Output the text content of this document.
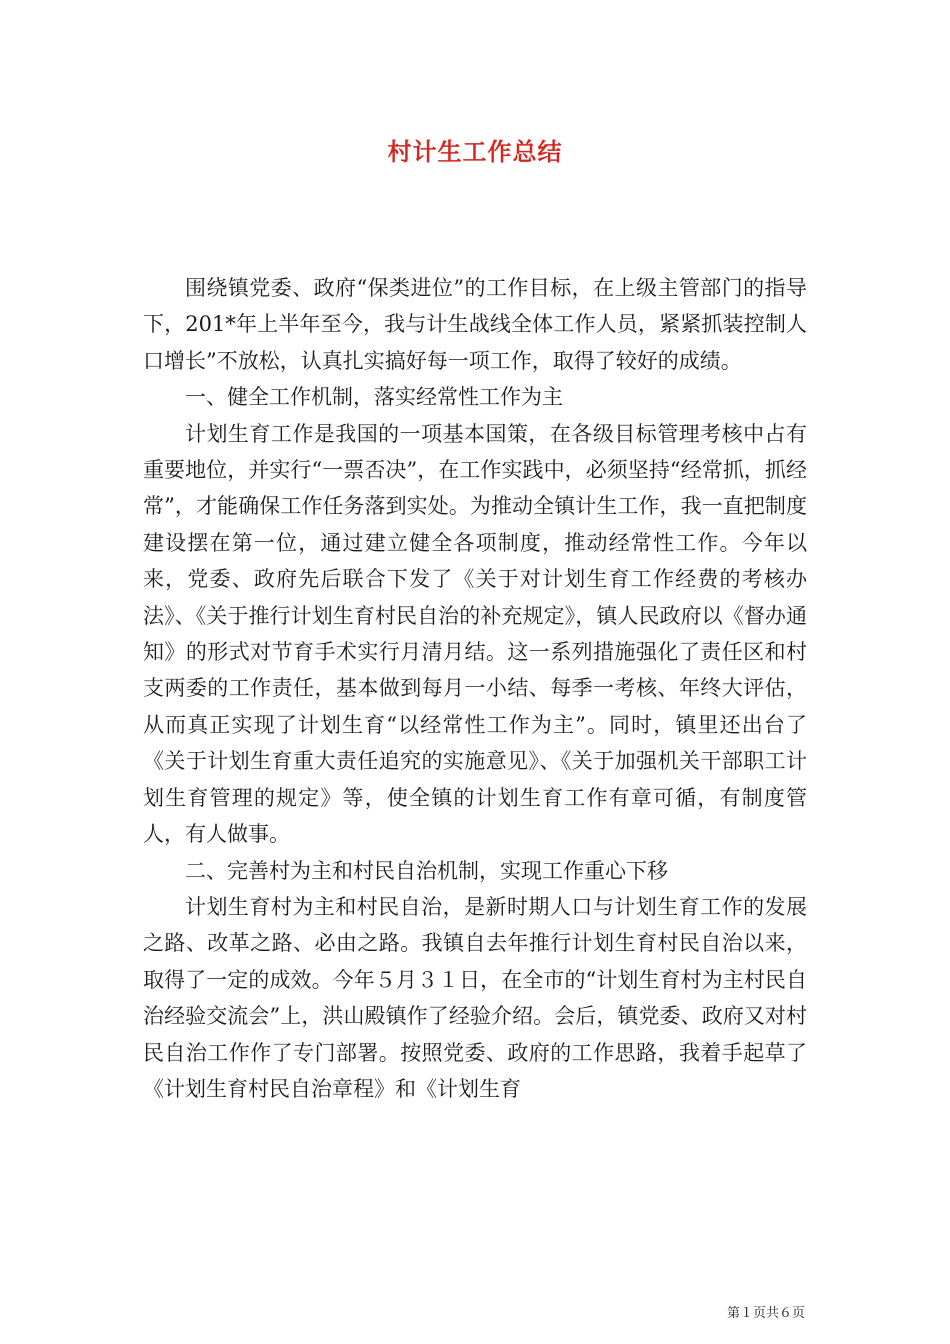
村计生工作总结

围绕镇党委、政府“保类进位”的工作目标，在上级主管部门的指导下，201*年上半年至今，我与计生战线全体工作人员，紧紧抓装控制人口增长”不放松，认真扎实搞好每一项工作，取得了较好的成绩。

一、健全工作机制，落实经常性工作为主

计划生育工作是我国的一项基本国策，在各级目标管理考核中占有重要地位，并实行“一票否决”，在工作实践中，必须坚持“经常抓，抓经常”，才能确保工作任务落到实处。为推动全镇计生工作，我一直把制度建设摆在第一位，通过建立健全各项制度，推动经常性工作。今年以来，党委、政府先后联合下发了《关于对计划生育工作经费的考核办法》、《关于推行计划生育村民自治的补充规定》，镇人民政府以《督办通知》的形式对节育手术实行月清月结。这一系列措施强化了责任区和村支两委的工作责任，基本做到每月一小结、每季一考核、年终大评估，从而真正实现了计划生育“以经常性工作为主”。同时，镇里还出台了《关于计划生育重大责任追究的实施意见》、《关于加强机关干部职工计划生育管理的规定》等，使全镇的计划生育工作有章可循，有制度管人，有人做事。

二、完善村为主和村民自治机制，实现工作重心下移

计划生育村为主和村民自治，是新时期人口与计划生育工作的发展之路、改革之路、必由之路。我镇自去年推行计划生育村民自治以来，取得了一定的成效。今年５月３１日，在全市的“计划生育村为主村民自治经验交流会”上，洪山殿镇作了经验介绍。会后，镇党委、政府又对村民自治工作作了专门部署。按照党委、政府的工作思路，我着手起草了《计划生育村民自治章程》和《计划生育

第１页共６页
